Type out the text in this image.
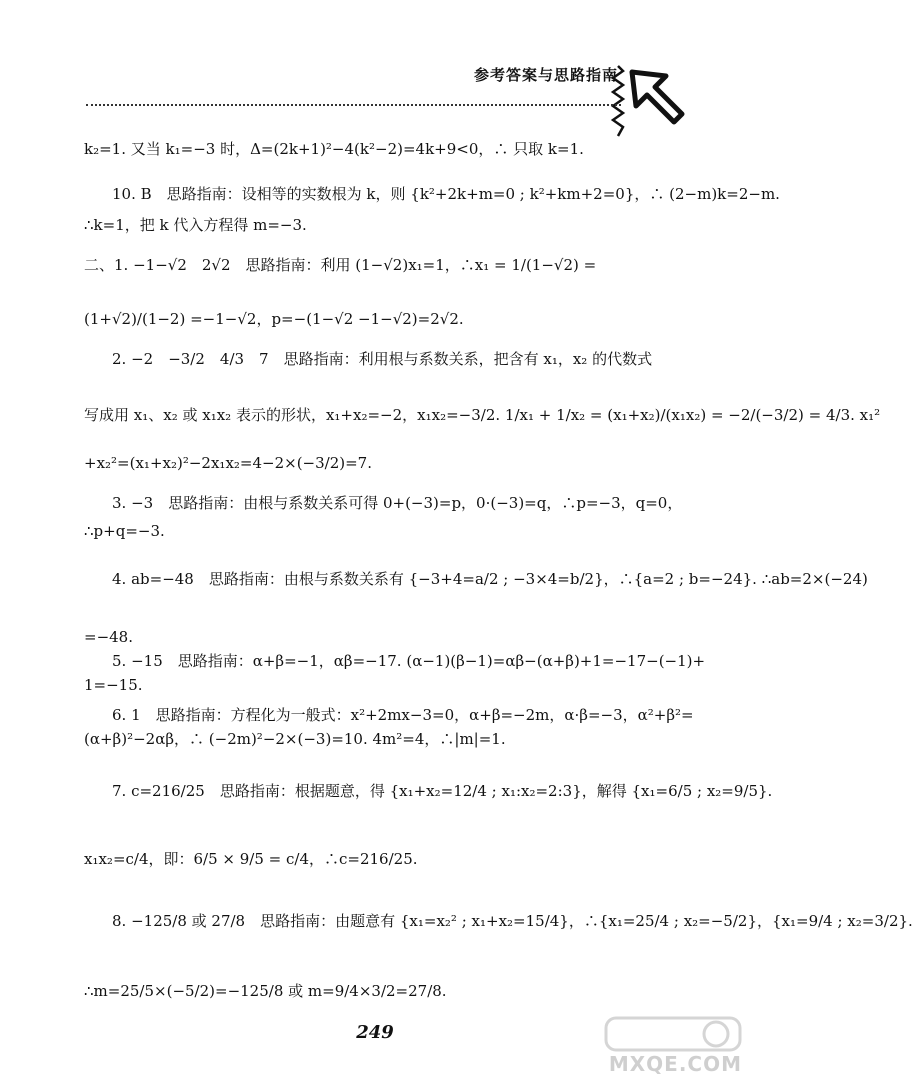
参考答案与思路指南
k₂=1. 又当 k₁=−3 时，Δ=(2k+1)²−4(k²−2)=4k+9<0，∴ 只取 k=1.
10. B　思路指南：设相等的实数根为 k，则 {k²+2k+m=0 ; k²+km+2=0}，∴ (2−m)k=2−m.
∴k=1，把 k 代入方程得 m=−3.
二、1. −1−√2　2√2　思路指南：利用 (1−√2)x₁=1，∴x₁ = 1/(1−√2) =
(1+√2)/(1−2) =−1−√2，p=−(1−√2 −1−√2)=2√2.
2. −2　−3/2　4/3　7　思路指南：利用根与系数关系，把含有 x₁，x₂ 的代数式
写成用 x₁、x₂ 或 x₁x₂ 表示的形状，x₁+x₂=−2，x₁x₂=−3/2. 1/x₁ + 1/x₂ = (x₁+x₂)/(x₁x₂) = −2/(−3/2) = 4/3. x₁²
+x₂²=(x₁+x₂)²−2x₁x₂=4−2×(−3/2)=7.
3. −3　思路指南：由根与系数关系可得 0+(−3)=p，0·(−3)=q，∴p=−3，q=0，
∴p+q=−3.
4. ab=−48　思路指南：由根与系数关系有 {−3+4=a/2 ; −3×4=b/2}，∴{a=2 ; b=−24}. ∴ab=2×(−24)
=−48.
5. −15　思路指南：α+β=−1，αβ=−17. (α−1)(β−1)=αβ−(α+β)+1=−17−(−1)+
1=−15.
6. 1　思路指南：方程化为一般式：x²+2mx−3=0，α+β=−2m，α·β=−3，α²+β²=
(α+β)²−2αβ，∴ (−2m)²−2×(−3)=10. 4m²=4，∴|m|=1.
7. c=216/25　思路指南：根据题意，得 {x₁+x₂=12/4 ; x₁:x₂=2:3}，解得 {x₁=6/5 ; x₂=9/5}.
x₁x₂=c/4，即：6/5 × 9/5 = c/4，∴c=216/25.
8. −125/8 或 27/8　思路指南：由题意有 {x₁=x₂² ; x₁+x₂=15/4}，∴{x₁=25/4 ; x₂=−5/2}，{x₁=9/4 ; x₂=3/2}.
∴m=25/5×(−5/2)=−125/8 或 m=9/4×3/2=27/8.
249
MXQE.COM
